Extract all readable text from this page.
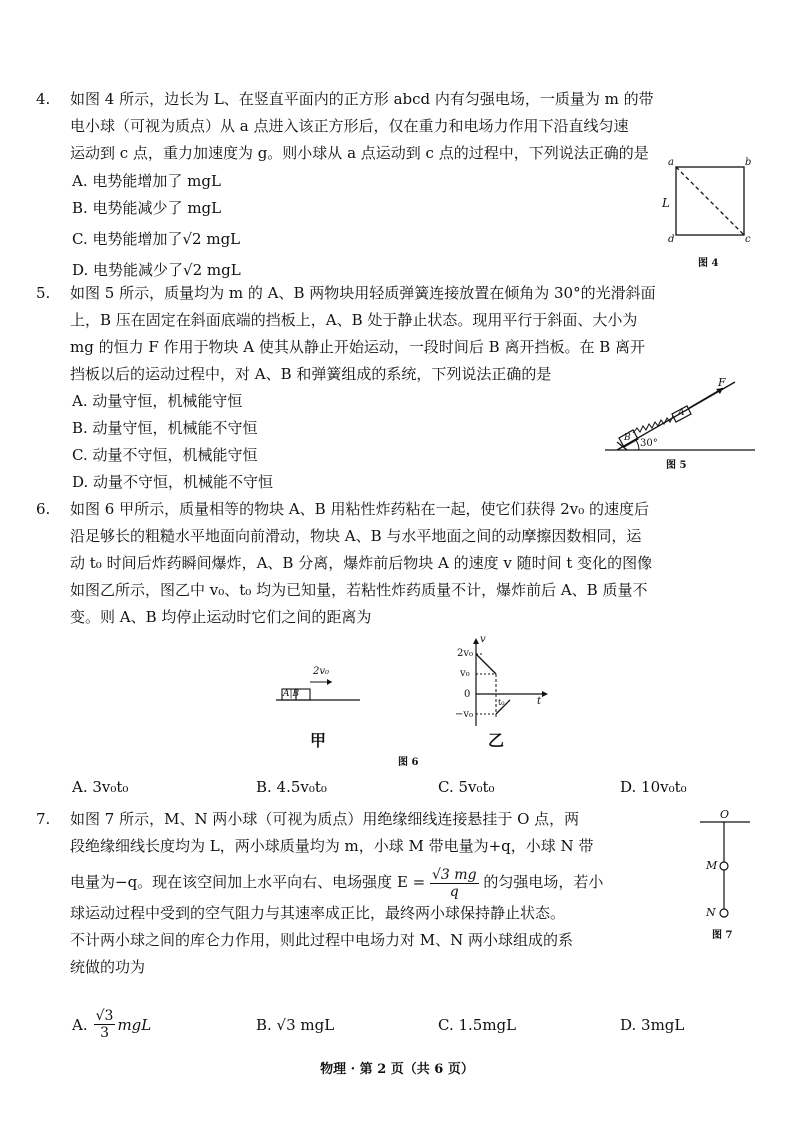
4. 如图 4 所示，边长为 L、在竖直平面内的正方形 abcd 内有匀强电场，一质量为 m 的带
电小球（可视为质点）从 a 点进入该正方形后，仅在重力和电场力作用下沿直线匀速
运动到 c 点，重力加速度为 g。则小球从 a 点运动到 c 点的过程中，下列说法正确的是
A. 电势能增加了 mgL
B. 电势能减少了 mgL
C. 电势能增加了√2 mgL
D. 电势能减少了√2 mgL
a	b
c
d
L
图 4
5. 如图 5 所示，质量均为 m 的 A、B 两物块用轻质弹簧连接放置在倾角为 30°的光滑斜面
上，B 压在固定在斜面底端的挡板上，A、B 处于静止状态。现用平行于斜面、大小为
mg 的恒力 F 作用于物块 A 使其从静止开始运动，一段时间后 B 离开挡板。在 B 离开
挡板以后的运动过程中，对 A、B 和弹簧组成的系统，下列说法正确的是
A. 动量守恒，机械能守恒
B. 动量守恒，机械能不守恒
C. 动量不守恒，机械能守恒
D. 动量不守恒，机械能不守恒
B
A
F
30°
图 5
6. 如图 6 甲所示，质量相等的物块 A、B 用粘性炸药粘在一起，使它们获得 2v₀ 的速度后
沿足够长的粗糙水平地面向前滑动，物块 A、B 与水平地面之间的动摩擦因数相同，运
动 t₀ 时间后炸药瞬间爆炸，A、B 分离，爆炸前后物块 A 的速度 v 随时间 t 变化的图像
如图乙所示，图乙中 v₀、t₀ 均为已知量，若粘性炸药质量不计，爆炸前后 A、B 质量不
变。则 A、B 均停止运动时它们之间的距离为
A|B
2v₀
甲
v
t
2v₀
v₀
0
−v₀
t₀
乙
图 6
A. 3v₀t₀	B. 4.5v₀t₀	C. 5v₀t₀	D. 10v₀t₀
7. 如图 7 所示，M、N 两小球（可视为质点）用绝缘细线连接悬挂于 O 点，两
段绝缘细线长度均为 L，两小球质量均为 m，小球 M 带电量为+q，小球 N 带
电量为−q。现在该空间加上水平向右、电场强度 $E = \frac{√3 mg}{q}$ 的匀强电场，若小
球运动过程中受到的空气阻力与其速率成正比，最终两小球保持静止状态。
不计两小球之间的库仑力作用，则此过程中电场力对 M、N 两小球组成的系
统做的功为
O
M
N
图 7
A. $\frac{√3}{3}$ mgL	B. √3 mgL	C. 1.5mgL	D. 3mgL
物理 · 第 2 页（共 6 页）
